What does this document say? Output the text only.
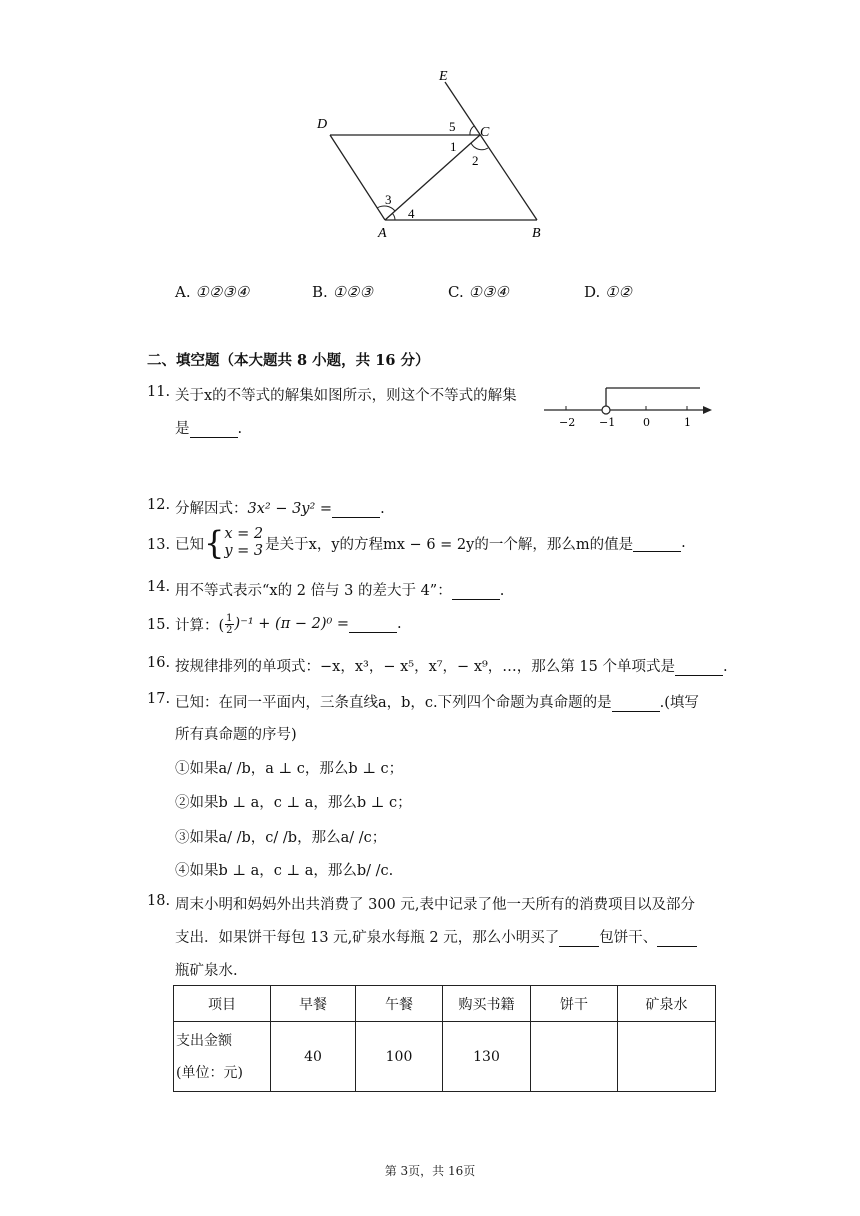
E
D
C
A	B
1
2
3
4
5
A. ①②③④	B. ①②③	C. ①③④	D. ①②
二、填空题（本大题共 8 小题，共 16 分）
11. 关于x的不等式的解集如图所示，则这个不等式的解集
是	.	−2 −1	0	1
12. 分解因式：3x² − 3y² =	.
13. 已知 { x = 2
y = 3 是关于x，y的方程mx − 6 = 2y的一个解，那么m的值是
	.
14. 用不等式表示“x的 2 倍与 3 的差大于 4”：	.
15. 计算：( $\frac{1}{2} )^{-1} + (\pi - 2)^0$ =
	.
16. 按规律排列的单项式：−x，x³，− x⁵，x⁷，− x⁹，…，那么第 15 个单项式是	.
17. 已知：在同一平面内，三条直线a，b，c.下列四个命题为真命题的是	.(填写
所有真命题的序号)
①如果a/ /b，a ⊥ c，那么b ⊥ c；
②如果b ⊥ a，c ⊥ a，那么b ⊥ c；
③如果a/ /b，c/ /b，那么a/ /c；
④如果b ⊥ a，c ⊥ a，那么b/ /c.
18. 周末小明和妈妈外出共消费了 300 元,表中记录了他一天所有的消费项目以及部分
支出．如果饼干每包 13 元,矿泉水每瓶 2 元，那么小明买了	包饼干、
瓶矿泉水.
项目	早餐	午餐	购买书籍	饼干	矿泉水

支出金额
(单位：元)	40	100	130		
第 3页，共 16页
